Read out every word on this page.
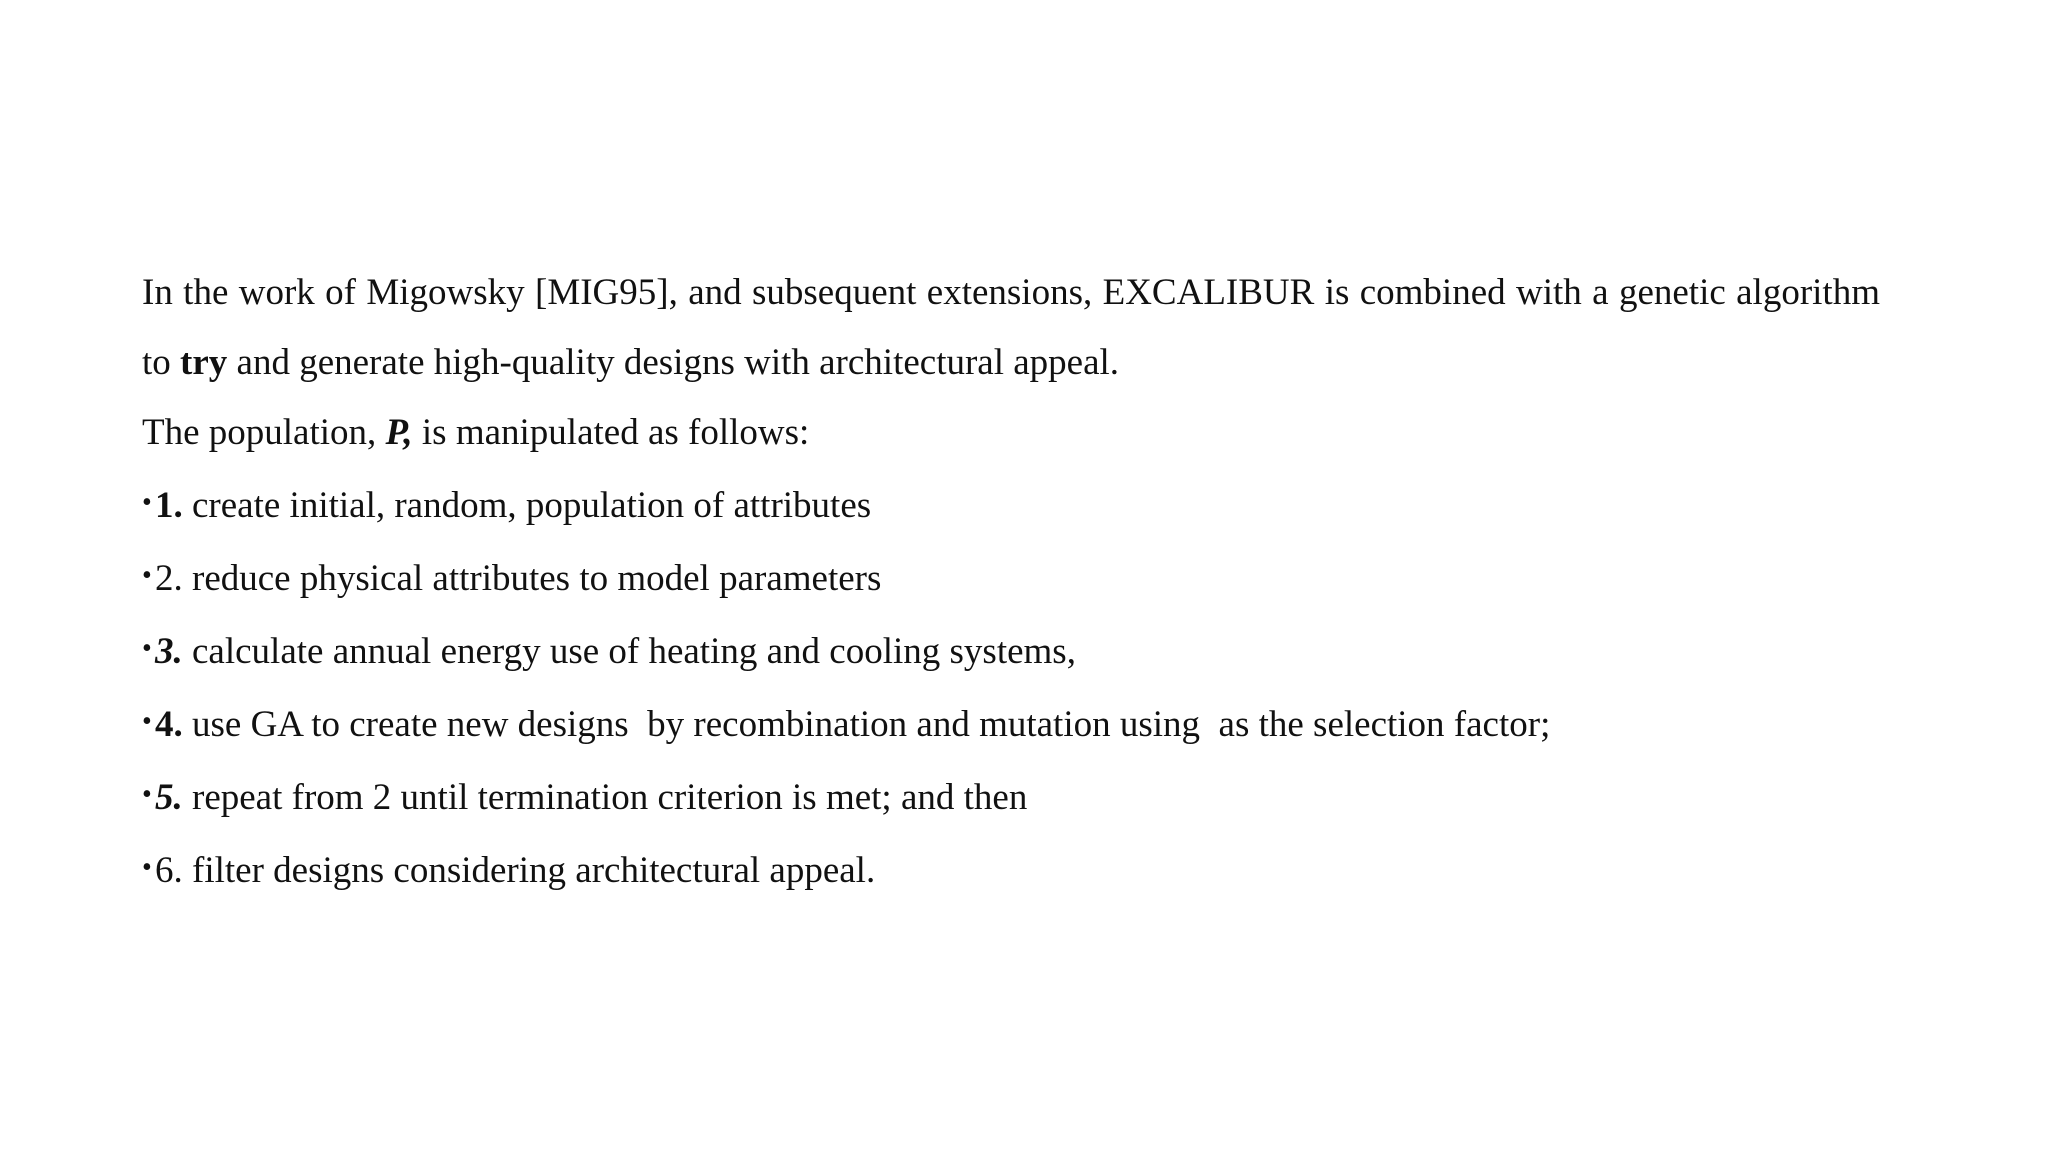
In the work of Migowsky [MIG95], and subsequent extensions, EXCALIBUR is combined with a genetic algorithm to try and generate high-quality designs with architectural appeal.

The population, P, is manipulated as follows:

•1. create initial, random, population of attributes

•2. reduce physical attributes to model parameters

•3. calculate annual energy use of heating and cooling systems,

•4. use GA to create new designs  by recombination and mutation using  as the selection factor;

•5. repeat from 2 until termination criterion is met; and then

•6. filter designs considering architectural appeal.
